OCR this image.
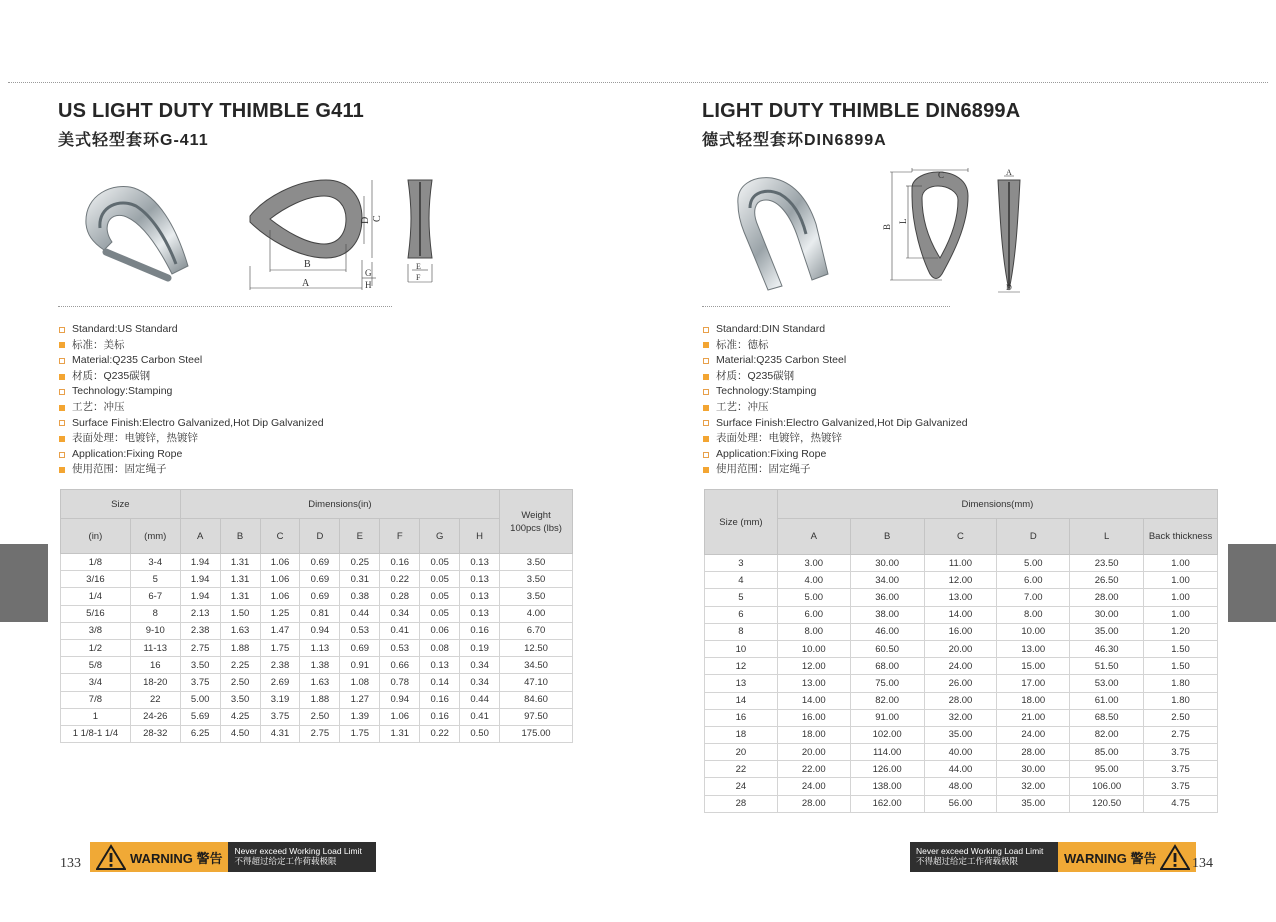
US LIGHT DUTY THIMBLE G411
美式轻型套环G-411
B
A
C
D
G
H
E
F
Standard:US Standard
标准：美标
Material:Q235 Carbon Steel
材质：Q235碳钢
Technology:Stamping
工艺：冲压
Surface Finish:Electro Galvanized,Hot Dip Galvanized
表面处理：电镀锌，热镀锌
Application:Fixing Rope
使用范围：固定绳子
Size		Dimensions(in)								Weight 100pcs (lbs)
(in)	(mm)	A	B	C	D	E	F	G	H	
1/8	3-4	1.94	1.31	1.06	0.69	0.25	0.16	0.05	0.13	3.50
3/16	5	1.94	1.31	1.06	0.69	0.31	0.22	0.05	0.13	3.50
1/4	6-7	1.94	1.31	1.06	0.69	0.38	0.28	0.05	0.13	3.50
5/16	8	2.13	1.50	1.25	0.81	0.44	0.34	0.05	0.13	4.00
3/8	9-10	2.38	1.63	1.47	0.94	0.53	0.41	0.06	0.16	6.70
1/2	11-13	2.75	1.88	1.75	1.13	0.69	0.53	0.08	0.19	12.50
5/8	16	3.50	2.25	2.38	1.38	0.91	0.66	0.13	0.34	34.50
3/4	18-20	3.75	2.50	2.69	1.63	1.08	0.78	0.14	0.34	47.10
7/8	22	5.00	3.50	3.19	1.88	1.27	0.94	0.16	0.44	84.60
1	24-26	5.69	4.25	3.75	2.50	1.39	1.06	0.16	0.41	97.50
1 1/8-1 1/4	28-32	6.25	4.50	4.31	2.75	1.75	1.31	0.22	0.50	175.00
LIGHT DUTY THIMBLE DIN6899A
德式轻型套环DIN6899A
C
B
L
A
D
Standard:DIN Standard
标准：德标
Material:Q235 Carbon Steel
材质：Q235碳钢
Technology:Stamping
工艺：冲压
Surface Finish:Electro Galvanized,Hot Dip Galvanized
表面处理：电镀锌，热镀锌
Application:Fixing Rope
使用范围：固定绳子
Size (mm)	Dimensions(mm)					
	A	B	C	D	L	Back thickness
3	3.00	30.00	11.00	5.00	23.50	1.00
4	4.00	34.00	12.00	6.00	26.50	1.00
5	5.00	36.00	13.00	7.00	28.00	1.00
6	6.00	38.00	14.00	8.00	30.00	1.00
8	8.00	46.00	16.00	10.00	35.00	1.20
10	10.00	60.50	20.00	13.00	46.30	1.50
12	12.00	68.00	24.00	15.00	51.50	1.50
13	13.00	75.00	26.00	17.00	53.00	1.80
14	14.00	82.00	28.00	18.00	61.00	1.80
16	16.00	91.00	32.00	21.00	68.50	2.50
18	18.00	102.00	35.00	24.00	82.00	2.75
20	20.00	114.00	40.00	28.00	85.00	3.75
22	22.00	126.00	44.00	30.00	95.00	3.75
24	24.00	138.00	48.00	32.00	106.00	3.75
28	28.00	162.00	56.00	35.00	120.50	4.75
WARNING 警告 Never exceed Working Load Limit
不得超过给定工作荷载极限
133
Never exceed Working Load Limit
不得超过给定工作荷载极限	WARNING 警告	134
